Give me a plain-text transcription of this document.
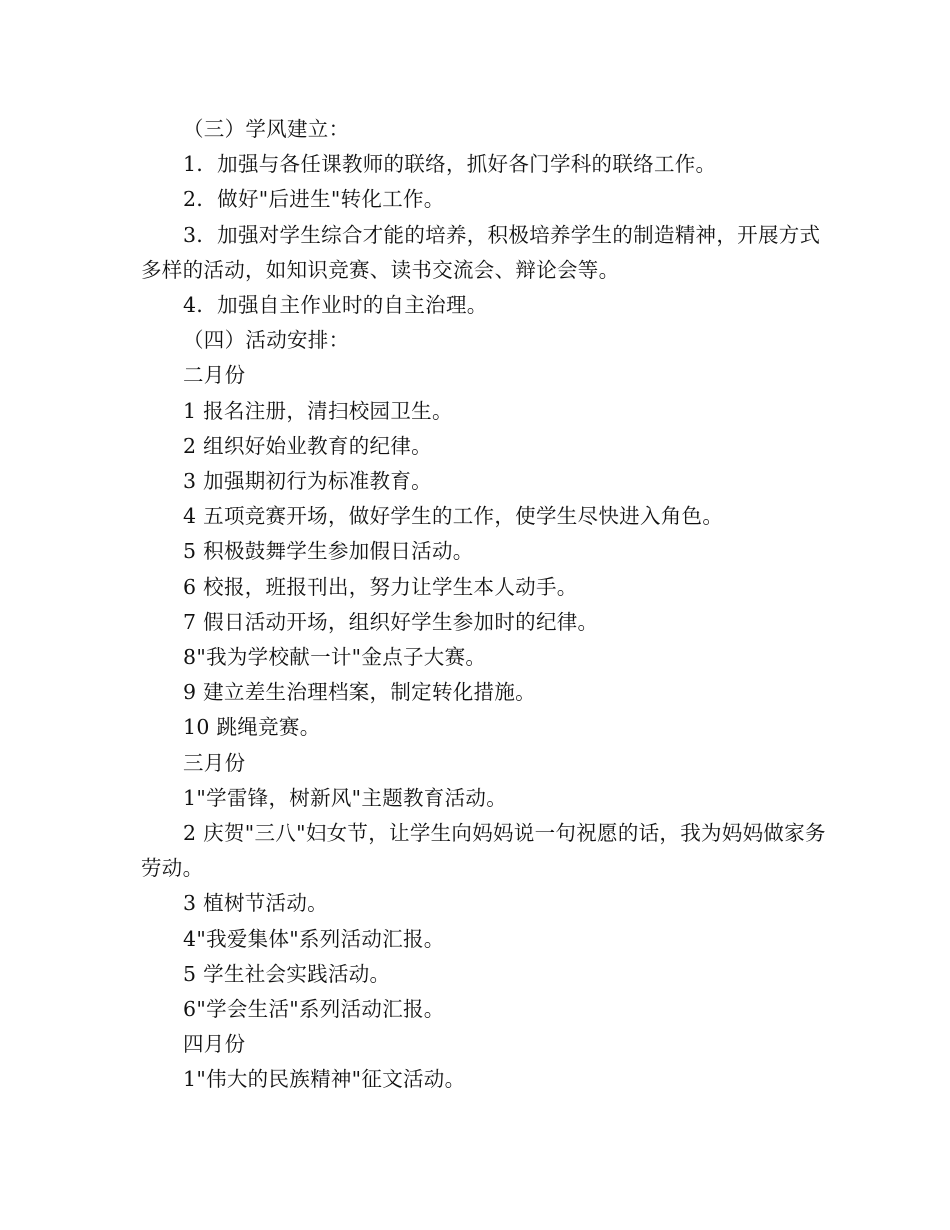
（三）学风建立：

1．加强与各任课教师的联络，抓好各门学科的联络工作。

2．做好"后进生"转化工作。

3．加强对学生综合才能的培养，积极培养学生的制造精神，开展方式多样的活动，如知识竞赛、读书交流会、辩论会等。

4．加强自主作业时的自主治理。

（四）活动安排：

二月份

1 报名注册，清扫校园卫生。

2 组织好始业教育的纪律。

3 加强期初行为标准教育。

4 五项竞赛开场，做好学生的工作，使学生尽快进入角色。

5 积极鼓舞学生参加假日活动。

6 校报，班报刊出，努力让学生本人动手。

7 假日活动开场，组织好学生参加时的纪律。

8"我为学校献一计"金点子大赛。

9 建立差生治理档案，制定转化措施。

10 跳绳竞赛。

三月份

1"学雷锋，树新风"主题教育活动。

2 庆贺"三八"妇女节，让学生向妈妈说一句祝愿的话，我为妈妈做家务劳动。

3 植树节活动。

4"我爱集体"系列活动汇报。

5 学生社会实践活动。

6"学会生活"系列活动汇报。

四月份

1"伟大的民族精神"征文活动。
